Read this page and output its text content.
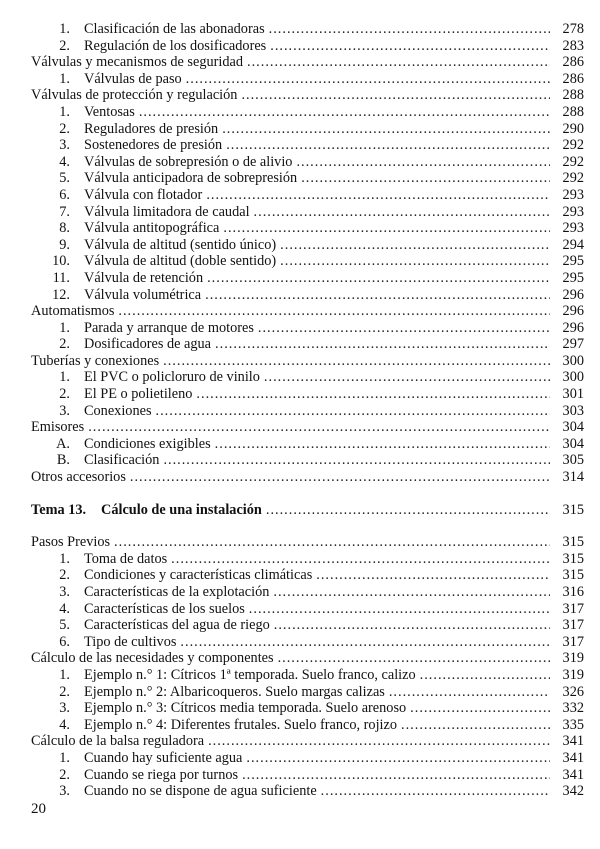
1. Clasificación de las abonadoras .....	278
2. Regulación de los dosificadores .....	283
Válvulas y mecanismos de seguridad .....	286
1. Válvulas de paso .....	286
Válvulas de protección y regulación .....	288
1. Ventosas .....	288
2. Reguladores de presión .....	290
3. Sostenedores de presión .....	292
4. Válvulas de sobrepresión o de alivio .....	292
5. Válvula anticipadora de sobrepresión .....	292
6. Válvula con flotador .....	293
7. Válvula limitadora de caudal .....	293
8. Válvula antitopográfica .....	293
9. Válvula de altitud (sentido único) .....	294
10. Válvula de altitud (doble sentido) .....	295
11. Válvula de retención .....	295
12. Válvula volumétrica .....	296
Automatismos .....	296
1. Parada y arranque de motores .....	296
2. Dosificadores de agua .....	297
Tuberías y conexiones .....	300
1. El PVC o policloruro de vinilo .....	300
2. El PE o polietileno .....	301
3. Conexiones .....	303
Emisores .....	304
A. Condiciones exigibles .....	304
B. Clasificación .....	305
Otros accesorios .....	314
Tema 13.	Cálculo de una instalación .....	315
Pasos Previos .....	315
1. Toma de datos .....	315
2. Condiciones y características climáticas .....	315
3. Características de la explotación .....	316
4. Características de los suelos .....	317
5. Características del agua de riego .....	317
6. Tipo de cultivos .....	317
Cálculo de las necesidades y componentes .....	319
1. Ejemplo n.° 1: Cítricos 1ª temporada. Suelo franco, calizo .....	319
2. Ejemplo n.° 2: Albaricoqueros. Suelo margas calizas .....	326
3. Ejemplo n.° 3: Cítricos media temporada. Suelo arenoso .....	332
4. Ejemplo n.° 4: Diferentes frutales. Suelo franco, rojizo .....	335
Cálculo de la balsa reguladora .....	341
1. Cuando hay suficiente agua .....	341
2. Cuando se riega por turnos .....	341
3. Cuando no se dispone de agua suficiente .....	342
20
